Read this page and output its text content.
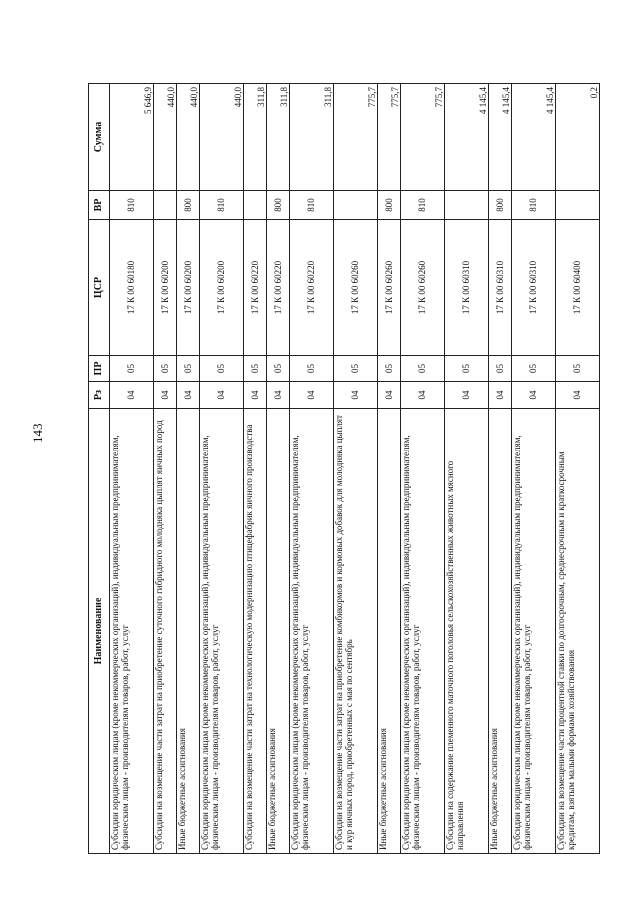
143
Наименование	Рз	ПР	ЦСР	ВР	Сумма
Субсидии юридическим лицам (кроме некоммерческих организаций), индивидуальным предпринимателям, физическим лицам - производителям товаров, работ, услуг	04	05	17 К 00 60180	810	5 646,9
Субсидии на возмещение части затрат на приобретение суточного гибридного молодняка цыплят яичных пород	04	05	17 К 00 60200		440,0
Иные бюджетные ассигнования	04	05	17 К 00 60200	800	440,0
Субсидии юридическим лицам (кроме некоммерческих организаций), индивидуальным предпринимателям, физическим лицам - производителям товаров, работ, услуг	04	05	17 К 00 60200	810	440,0
Субсидии на возмещение части затрат на технологическую модернизацию птицефабрик яичного производства	04	05	17 К 00 60220		311,8
Иные бюджетные ассигнования	04	05	17 К 00 60220	800	311,8
Субсидии юридическим лицам (кроме некоммерческих организаций), индивидуальным предпринимателям, физическим лицам - производителям товаров, работ, услуг	04	05	17 К 00 60220	810	311,8
Субсидии на возмещение части затрат на приобретение комбикормов и кормовых добавок для молодняка цыплят и кур яичных пород, приобретенных с мая по сентябрь	04	05	17 К 00 60260		775,7
Иные бюджетные ассигнования	04	05	17 К 00 60260	800	775,7
Субсидии юридическим лицам (кроме некоммерческих организаций), индивидуальным предпринимателям, физическим лицам - производителям товаров, работ, услуг	04	05	17 К 00 60260	810	775,7
Субсидии на содержание племенного маточного поголовья сельскохозяйственных животных мясного направления	04	05	17 К 00 60310		4 145,4
Иные бюджетные ассигнования	04	05	17 К 00 60310	800	4 145,4
Субсидии юридическим лицам (кроме некоммерческих организаций), индивидуальным предпринимателям, физическим лицам - производителям товаров, работ, услуг	04	05	17 К 00 60310	810	4 145,4
Субсидии на возмещение части процентной ставки по долгосрочным, среднесрочным и краткосрочным кредитам, взятым малыми формами хозяйствования	04	05	17 К 00 60400		0,2
